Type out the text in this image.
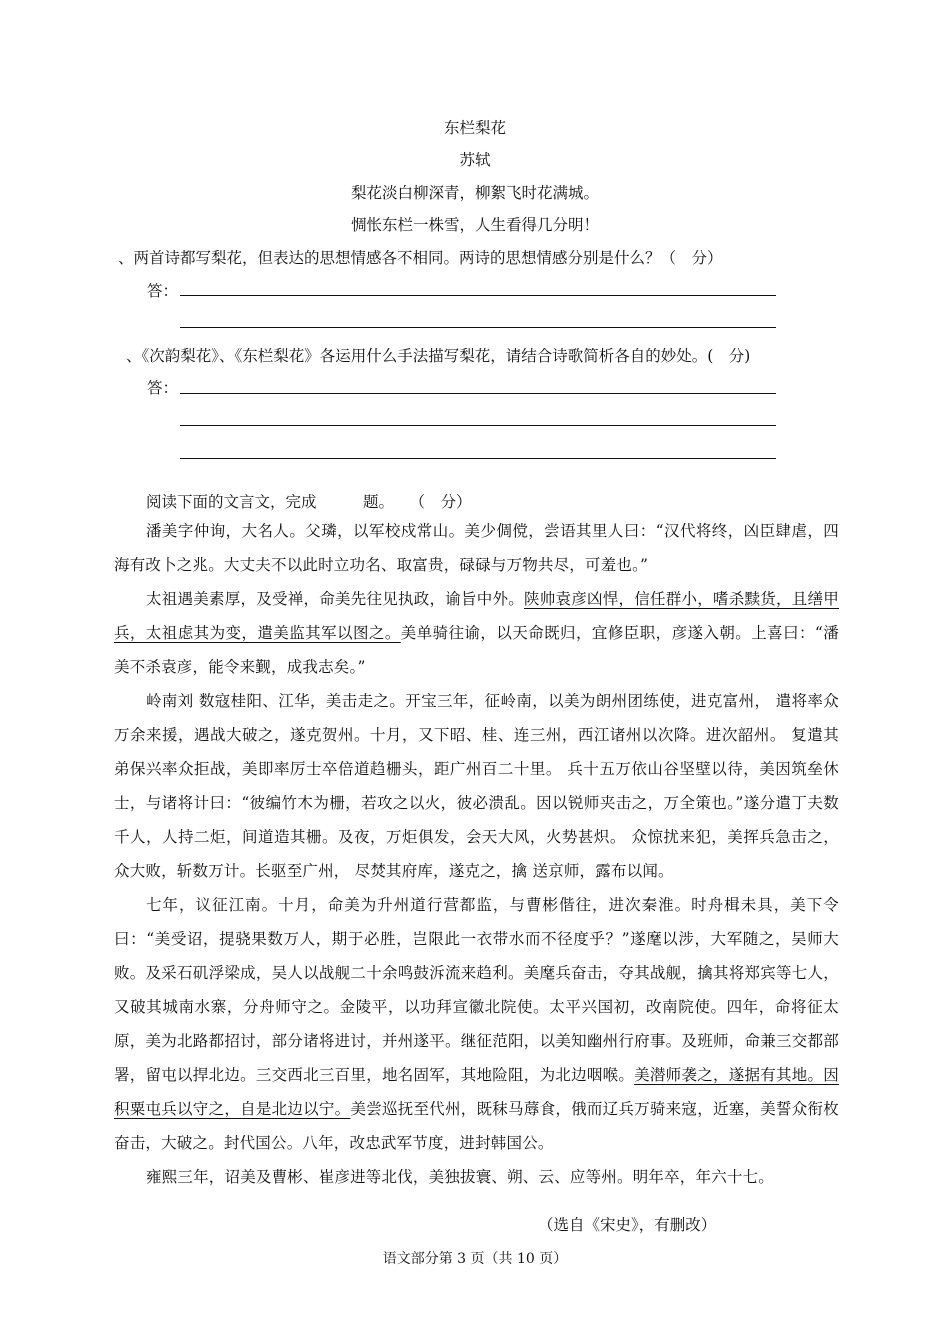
东栏梨花
苏轼
梨花淡白柳深青，柳絮飞时花满城。
惆怅东栏一株雪，人生看得几分明！
、两首诗都写梨花，但表达的思想情感各不相同。两诗的思想情感分别是什么？（　分）
答：
、《次韵梨花》、《东栏梨花》各运用什么手法描写梨花，请结合诗歌简析各自的妙处。(　分)
答：
阅读下面的文言文，完成　　　题。　　（　分）
潘美字仲询，大名人。父璘，以军校戍常山。美少倜傥，尝语其里人曰：“汉代将终，凶臣肆虐，四海有改卜之兆。大丈夫不以此时立功名、取富贵，碌碌与万物共尽，可羞也。”
太祖遇美素厚，及受禅，命美先往见执政，谕旨中外。陕帅袁彦凶悍，信任群小，嗜杀黩货，且缮甲兵，太祖虑其为变，遣美监其军以图之。美单骑往谕，以天命既归，宜修臣职，彦遂入朝。上喜曰：“潘美不杀袁彦，能令来觐，成我志矣。”
岭南刘 数寇桂阳、江华，美击走之。开宝三年，征岭南，以美为朗州团练使，进克富州， 遣将率众万余来援，遇战大破之，遂克贺州。十月，又下昭、桂、连三州，西江诸州以次降。进次韶州。 复遣其弟保兴率众拒战，美即率厉士卒倍道趋栅头，距广州百二十里。 兵十五万依山谷坚壁以待，美因筑垒休士，与诸将计曰：“彼编竹木为栅，若攻之以火，彼必溃乱。因以锐师夹击之，万全策也。”遂分遣丁夫数千人，人持二炬，间道造其栅。及夜，万炬俱发，会天大风，火势甚炽。 众惊扰来犯，美挥兵急击之， 众大败，斩数万计。长驱至广州， 尽焚其府库，遂克之，擒 送京师，露布以闻。
七年，议征江南。十月，命美为升州道行营都监，与曹彬偕往，进次秦淮。时舟楫未具，美下令曰：“美受诏，提骁果数万人，期于必胜，岂限此一衣带水而不径度乎？”遂麾以涉，大军随之，吴师大败。及采石矶浮梁成，吴人以战舰二十余鸣鼓泝流来趋利。美麾兵奋击，夺其战舰，擒其将郑宾等七人，又破其城南水寨，分舟师守之。金陵平，以功拜宣徽北院使。太平兴国初，改南院使。四年，命将征太原，美为北路都招讨，部分诸将进讨，并州遂平。继征范阳，以美知幽州行府事。及班师，命兼三交都部署，留屯以捍北边。三交西北三百里，地名固军，其地险阻，为北边咽喉。美潜师袭之，遂据有其地。因积粟屯兵以守之，自是北边以宁。美尝巡抚至代州，既秣马蓐食，俄而辽兵万骑来寇，近塞，美誓众衔枚奋击，大破之。封代国公。八年，改忠武军节度，进封韩国公。
雍熙三年，诏美及曹彬、崔彦进等北伐，美独拔寰、朔、云、应等州。明年卒，年六十七。
（选自《宋史》，有删改）
语文部分第 3 页（共 10 页）
